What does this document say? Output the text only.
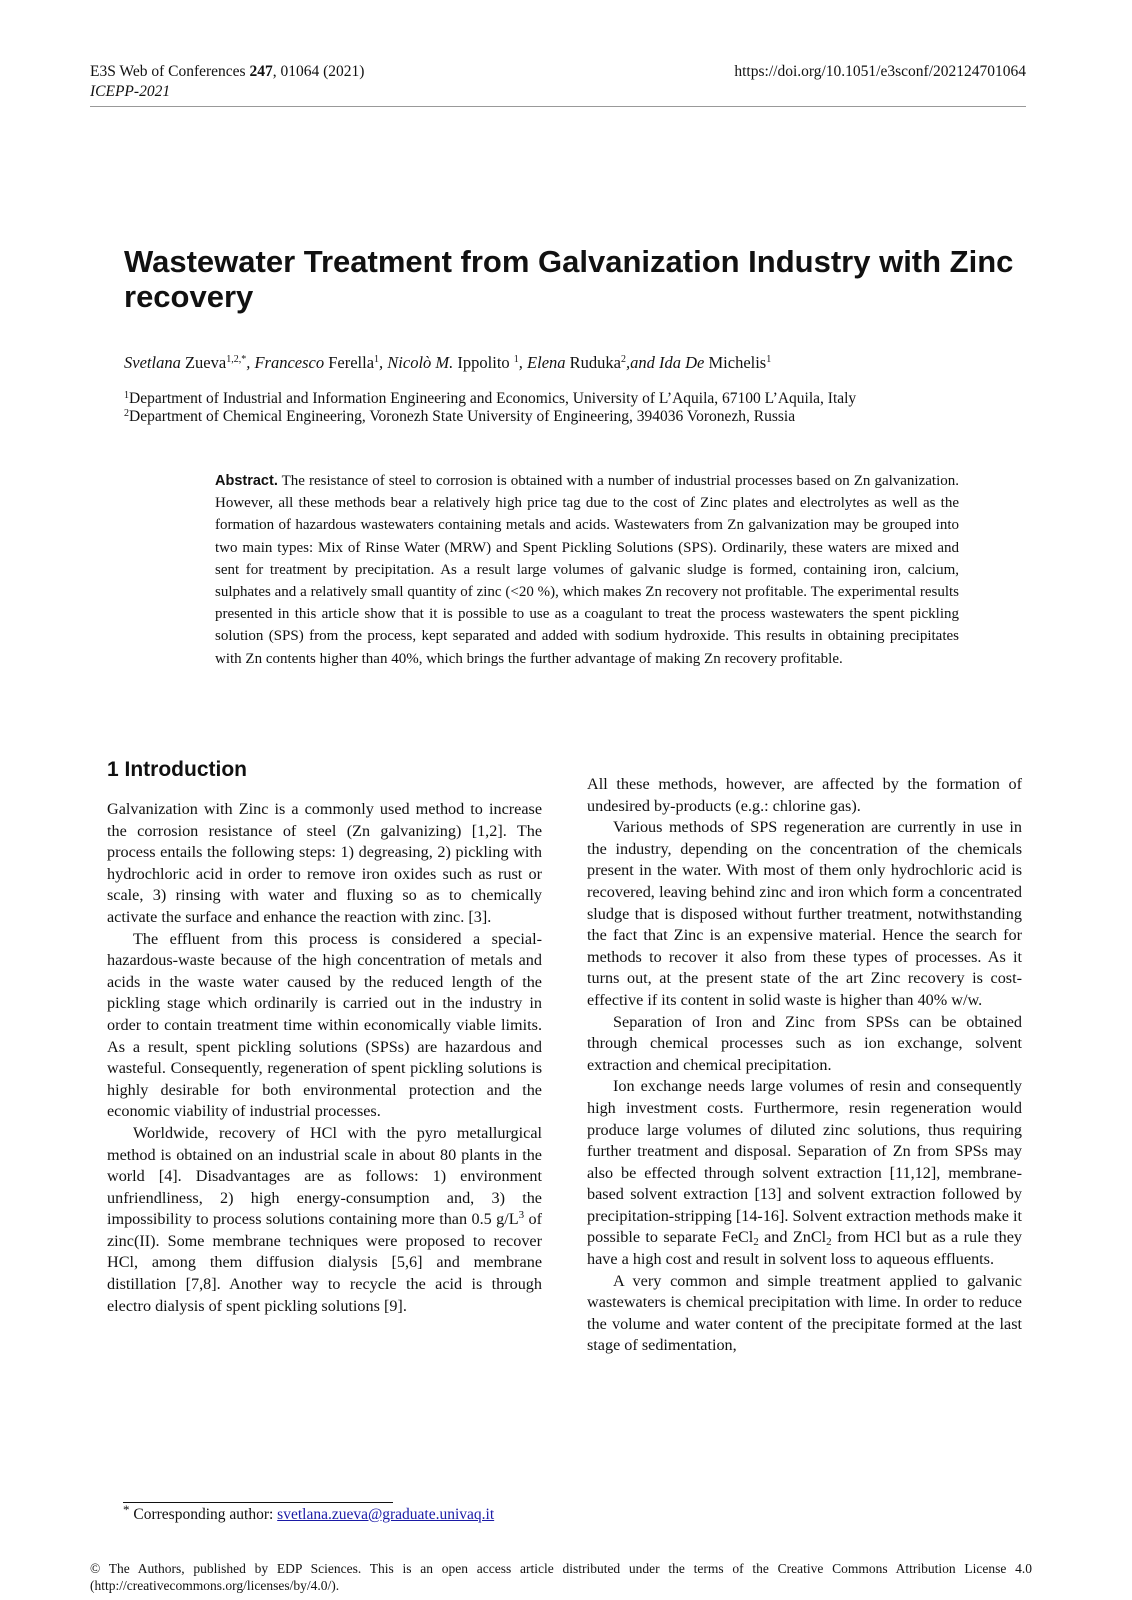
E3S Web of Conferences 247, 01064 (2021)
ICEPP-2021
https://doi.org/10.1051/e3sconf/202124701064
Wastewater Treatment from Galvanization Industry with Zinc recovery
Svetlana Zueva$^{1,2,*}$, Francesco Ferella$^1$, Nicolò M. Ippolito $^1$, Elena Ruduka$^2$,and Ida De Michelis$^1$
$^1$Department of Industrial and Information Engineering and Economics, University of L’Aquila, 67100 L’Aquila, Italy
$^2$Department of Chemical Engineering, Voronezh State University of Engineering, 394036 Voronezh, Russia
Abstract. The resistance of steel to corrosion is obtained with a number of industrial processes based on Zn galvanization. However, all these methods bear a relatively high price tag due to the cost of Zinc plates and electrolytes as well as the formation of hazardous wastewaters containing metals and acids. Wastewaters from Zn galvanization may be grouped into two main types: Mix of Rinse Water (MRW) and Spent Pickling Solutions (SPS). Ordinarily, these waters are mixed and sent for treatment by precipitation. As a result large volumes of galvanic sludge is formed, containing iron, calcium, sulphates and a relatively small quantity of zinc (<20 %), which makes Zn recovery not profitable. The experimental results presented in this article show that it is possible to use as a coagulant to treat the process wastewaters the spent pickling solution (SPS) from the process, kept separated and added with sodium hydroxide. This results in obtaining precipitates with Zn contents higher than 40%, which brings the further advantage of making Zn recovery profitable.
1 Introduction

Galvanization with Zinc is a commonly used method to increase the corrosion resistance of steel (Zn galvanizing) [1,2]. The process entails the following steps: 1) degreasing, 2) pickling with hydrochloric acid in order to remove iron oxides such as rust or scale, 3) rinsing with water and fluxing so as to chemically activate the surface and enhance the reaction with zinc. [3].

The effluent from this process is considered a special-hazardous-waste because of the high concentration of metals and acids in the waste water caused by the reduced length of the pickling stage which ordinarily is carried out in the industry in order to contain treatment time within economically viable limits. As a result, spent pickling solutions (SPSs) are hazardous and wasteful. Consequently, regeneration of spent pickling solutions is highly desirable for both environmental protection and the economic viability of industrial processes.

Worldwide, recovery of HCl with the pyro metallurgical method is obtained on an industrial scale in about 80 plants in the world [4]. Disadvantages are as follows: 1) environment unfriendliness, 2) high energy-consumption and, 3) the impossibility to process solutions containing more than 0.5 $g/L^3$ of zinc(II). Some membrane techniques were proposed to recover HCl, among them diffusion dialysis [5,6] and membrane distillation [7,8]. Another way to recycle the acid is through electro dialysis of spent pickling solutions [9].

All these methods, however, are affected by the formation of undesired by-products (e.g.: chlorine gas).

Various methods of SPS regeneration are currently in use in the industry, depending on the concentration of the chemicals present in the water. With most of them only hydrochloric acid is recovered, leaving behind zinc and iron which form a concentrated sludge that is disposed without further treatment, notwithstanding the fact that Zinc is an expensive material. Hence the search for methods to recover it also from these types of processes. As it turns out, at the present state of the art Zinc recovery is cost-effective if its content in solid waste is higher than 40% w/w.

Separation of Iron and Zinc from SPSs can be obtained through chemical processes such as ion exchange, solvent extraction and chemical precipitation.

Ion exchange needs large volumes of resin and consequently high investment costs. Furthermore, resin regeneration would produce large volumes of diluted zinc solutions, thus requiring further treatment and disposal. Separation of Zn from SPSs may also be effected through solvent extraction [11,12], membrane-based solvent extraction [13] and solvent extraction followed by precipitation-stripping [14-16]. Solvent extraction methods make it possible to separate FeCl$_2$ and ZnCl$_2$ from HCl but as a rule they have a high cost and result in solvent loss to aqueous effluents.

A very common and simple treatment applied to galvanic wastewaters is chemical precipitation with lime. In order to reduce the volume and water content of the precipitate formed at the last stage of sedimentation,

* Corresponding author: svetlana.zueva@graduate.univaq.it
© The Authors, published by EDP Sciences. This is an open access article distributed under the terms of the Creative Commons Attribution License 4.0 (http://creativecommons.org/licenses/by/4.0/).
